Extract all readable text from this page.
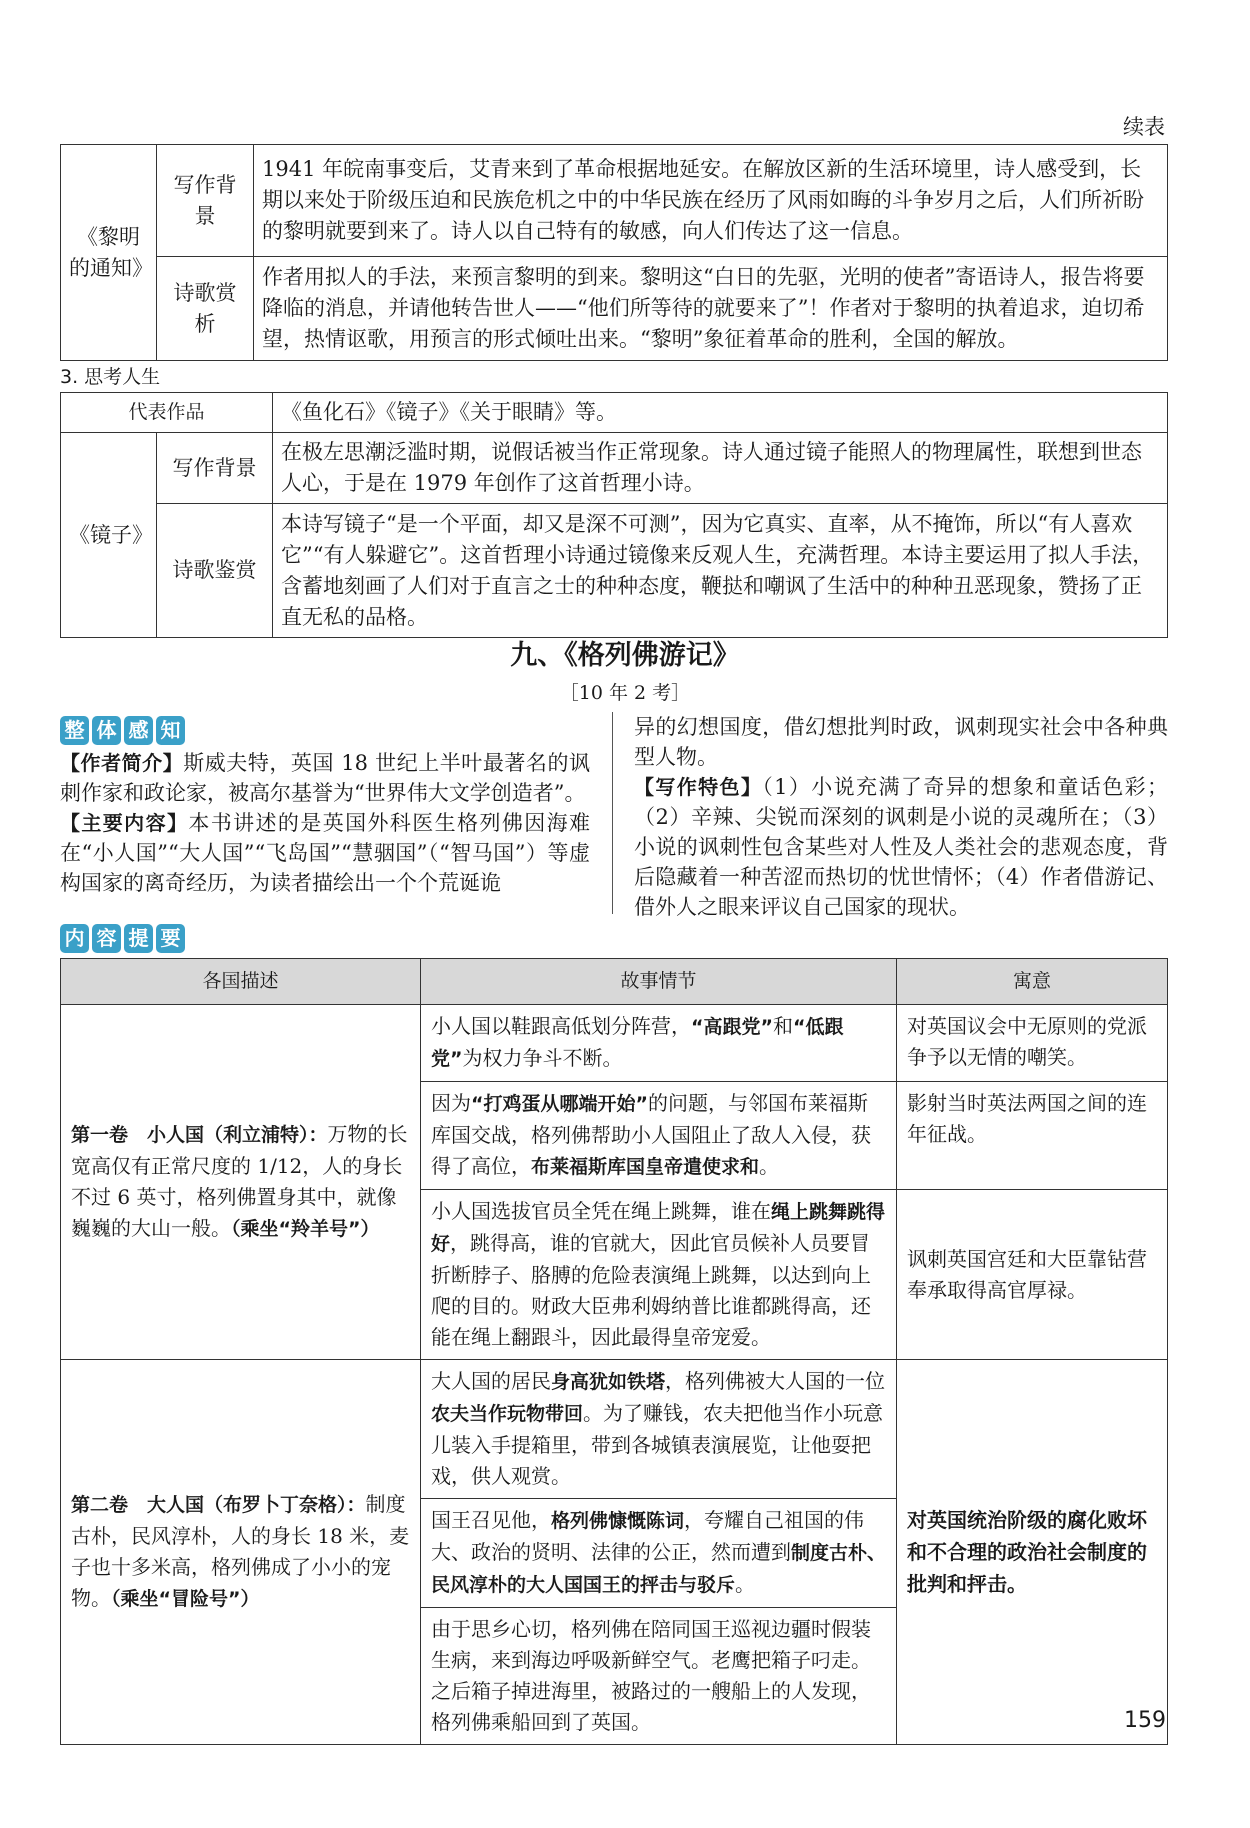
续表
《黎明的通知》	写作背景	1941 年皖南事变后，艾青来到了革命根据地延安。在解放区新的生活环境里，诗人感受到，长期以来处于阶级压迫和民族危机之中的中华民族在经历了风雨如晦的斗争岁月之后，人们所祈盼的黎明就要到来了。诗人以自己特有的敏感，向人们传达了这一信息。
	诗歌赏析	作者用拟人的手法，来预言黎明的到来。黎明这“白日的先驱，光明的使者”寄语诗人，报告将要降临的消息，并请他转告世人——“他们所等待的就要来了”！作者对于黎明的执着追求，迫切希望，热情讴歌，用预言的形式倾吐出来。“黎明”象征着革命的胜利，全国的解放。
3. 思考人生
代表作品		《鱼化石》《镜子》《关于眼睛》等。
《镜子》	写作背景	在极左思潮泛滥时期，说假话被当作正常现象。诗人通过镜子能照人的物理属性，联想到世态人心，于是在 1979 年创作了这首哲理小诗。
	诗歌鉴赏	本诗写镜子“是一个平面，却又是深不可测”，因为它真实、直率，从不掩饰，所以“有人喜欢它”“有人躲避它”。这首哲理小诗通过镜像来反观人生，充满哲理。本诗主要运用了拟人手法，含蓄地刻画了人们对于直言之士的种种态度，鞭挞和嘲讽了生活中的种种丑恶现象，赞扬了正直无私的品格。
九、《格列佛游记》
［10 年 2 考］
整 体 感 知

【作者简介】斯威夫特，英国 18 世纪上半叶最著名的讽刺作家和政论家，被高尔基誉为“世界伟大文学创造者”。

【主要内容】本书讲述的是英国外科医生格列佛因海难在“小人国”“大人国”“飞岛国”“慧骃国”（“智马国”）等虚构国家的离奇经历，为读者描绘出一个个荒诞诡

异的幻想国度，借幻想批判时政，讽刺现实社会中各种典型人物。

【写作特色】（1）小说充满了奇异的想象和童话色彩；（2）辛辣、尖锐而深刻的讽刺是小说的灵魂所在；（3）小说的讽刺性包含某些对人性及人类社会的悲观态度，背后隐藏着一种苦涩而热切的忧世情怀；（4）作者借游记、借外人之眼来评议自己国家的现状。

内 容 提 要
各国描述	故事情节	寓意
第一卷　小人国（利立浦特）：万物的长宽高仅有正常尺度的 1/12，人的身长不过 6 英寸，格列佛置身其中，就像巍巍的大山一般。（乘坐“羚羊号”）	小人国以鞋跟高低划分阵营，“高跟党”和“低跟党”为权力争斗不断。	对英国议会中无原则的党派争予以无情的嘲笑。
	因为“打鸡蛋从哪端开始”的问题，与邻国布莱福斯库国交战，格列佛帮助小人国阻止了敌人入侵，获得了高位，布莱福斯库国皇帝遣使求和。	影射当时英法两国之间的连年征战。
	小人国选拔官员全凭在绳上跳舞，谁在绳上跳舞跳得好，跳得高，谁的官就大，因此官员候补人员要冒折断脖子、胳膊的危险表演绳上跳舞，以达到向上爬的目的。财政大臣弗利姆纳普比谁都跳得高，还能在绳上翻跟斗，因此最得皇帝宠爱。	讽刺英国宫廷和大臣靠钻营奉承取得高官厚禄。
第二卷　大人国（布罗卜丁奈格）：制度古朴，民风淳朴，人的身长 18 米，麦子也十多米高，格列佛成了小小的宠物。（乘坐“冒险号”）	大人国的居民身高犹如铁塔，格列佛被大人国的一位农夫当作玩物带回。为了赚钱，农夫把他当作小玩意儿装入手提箱里，带到各城镇表演展览，让他耍把戏，供人观赏。	对英国统治阶级的腐化败坏和不合理的政治社会制度的批判和抨击。
	国王召见他，格列佛慷慨陈词，夸耀自己祖国的伟大、政治的贤明、法律的公正，然而遭到制度古朴、民风淳朴的大人国国王的抨击与驳斥。	
	由于思乡心切，格列佛在陪同国王巡视边疆时假装生病，来到海边呼吸新鲜空气。老鹰把箱子叼走。之后箱子掉进海里，被路过的一艘船上的人发现，格列佛乘船回到了英国。		159
